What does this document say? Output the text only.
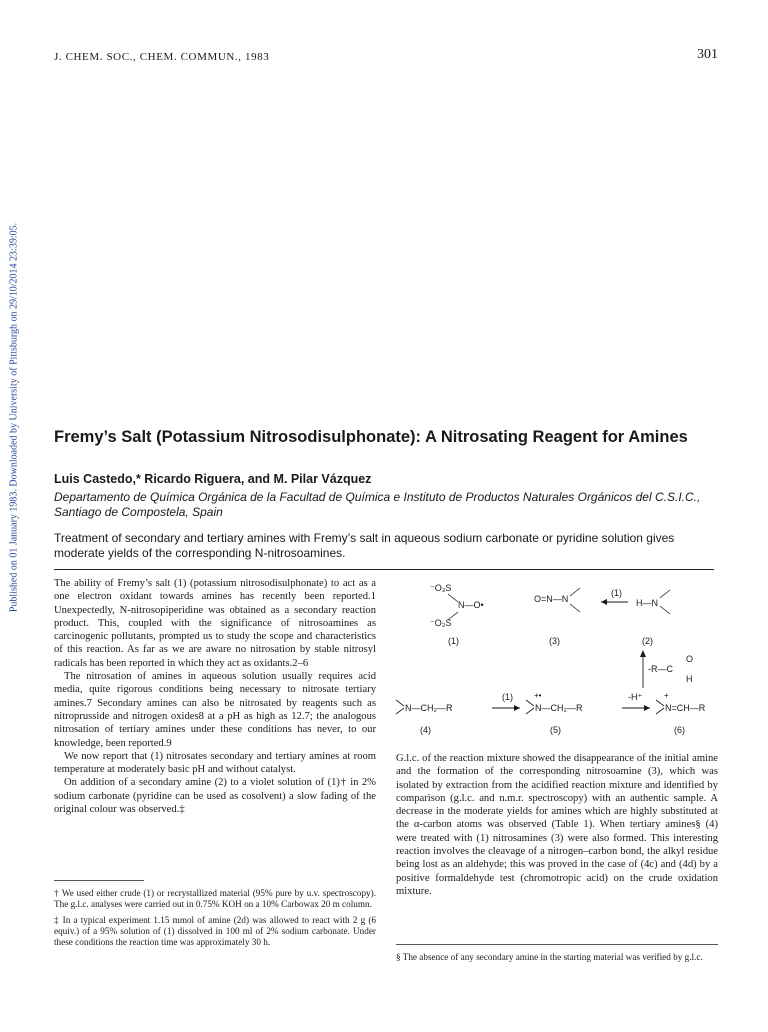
J. CHEM. SOC., CHEM. COMMUN., 1983	301
Published on 01 January 1983. Downloaded by University of Pittsburgh on 29/10/2014 23:39:05. Fremy’s Salt (Potassium Nitrosodisulphonate): A Nitrosating Reagent for Amines
Luis Castedo,* Ricardo Riguera, and M. Pilar Vázquez
Departamento de Química Orgánica de la Facultad de Química e Instituto de Productos Naturales Orgánicos del C.S.I.C., Santiago de Compostela, Spain
Treatment of secondary and tertiary amines with Fremy’s salt in aqueous sodium carbonate or pyridine solution gives moderate yields of the corresponding N-nitrosoamines.

The ability of Fremy’s salt (1) (potassium nitrosodisulphonate) to act as a one electron oxidant towards amines has recently been reported.1 Unexpectedly, N-nitrosopiperidine was obtained as a secondary reaction product. This, coupled with the significance of nitrosoamines as carcinogenic pollutants, prompted us to study the scope and characteristics of this reaction. As far as we are aware no nitrosation by stable nitrosyl radicals has been reported in which they act as oxidants.2–6

The nitrosation of amines in aqueous solution usually requires acid media, quite rigorous conditions being necessary to nitrosate tertiary amines.7 Secondary amines can also be nitrosated by reagents such as nitroprusside and nitrogen oxides8 at a pH as high as 12.7; the analogous nitrosation of tertiary amines under these conditions has never, to our knowledge, been reported.9

We now report that (1) nitrosates secondary and tertiary amines at room temperature at moderately basic pH and without catalyst.

On addition of a secondary amine (2) to a violet solution of (1)† in 2% sodium carbonate (pyridine can be used as cosolvent) a slow fading of the original colour was observed.‡

† We used either crude (1) or recrystallized material (95% pure by u.v. spectroscopy). The g.l.c. analyses were carried out in 0.75% KOH on a 10% Carbowax 20 m column.

‡ In a typical experiment 1.15 mmol of amine (2d) was allowed to react with 2 g (6 equiv.) of a 95% solution of (1) dissolved in 100 ml of 2% sodium carbonate. Under these conditions the reaction time was approximately 30 h.

⁻O₃S
N—O•
⁻O₃S
(1)
O=N—N
(3)
(1)
H—N
(2)
-R—C
O
H
N—CH₂—R
(4)
(1)	+•
N—CH₂—R
(5)
-H⁺	+
N=CH—R
(6)

G.l.c. of the reaction mixture showed the disappearance of the initial amine and the formation of the corresponding nitrosoamine (3), which was isolated by extraction from the acidified reaction mixture and identified by comparison (g.l.c. and n.m.r. spectroscopy) with an authentic sample. A decrease in the moderate yields for amines which are highly substituted at the α-carbon atoms was observed (Table 1). When tertiary amines§ (4) were treated with (1) nitrosamines (3) were also formed. This interesting reaction involves the cleavage of a nitrogen–carbon bond, the alkyl residue being lost as an aldehyde; this was proved in the case of (4c) and (4d) by a positive formaldehyde test (chromotropic acid) on the crude oxidation mixture.

§ The absence of any secondary amine in the starting material was verified by g.l.c.
